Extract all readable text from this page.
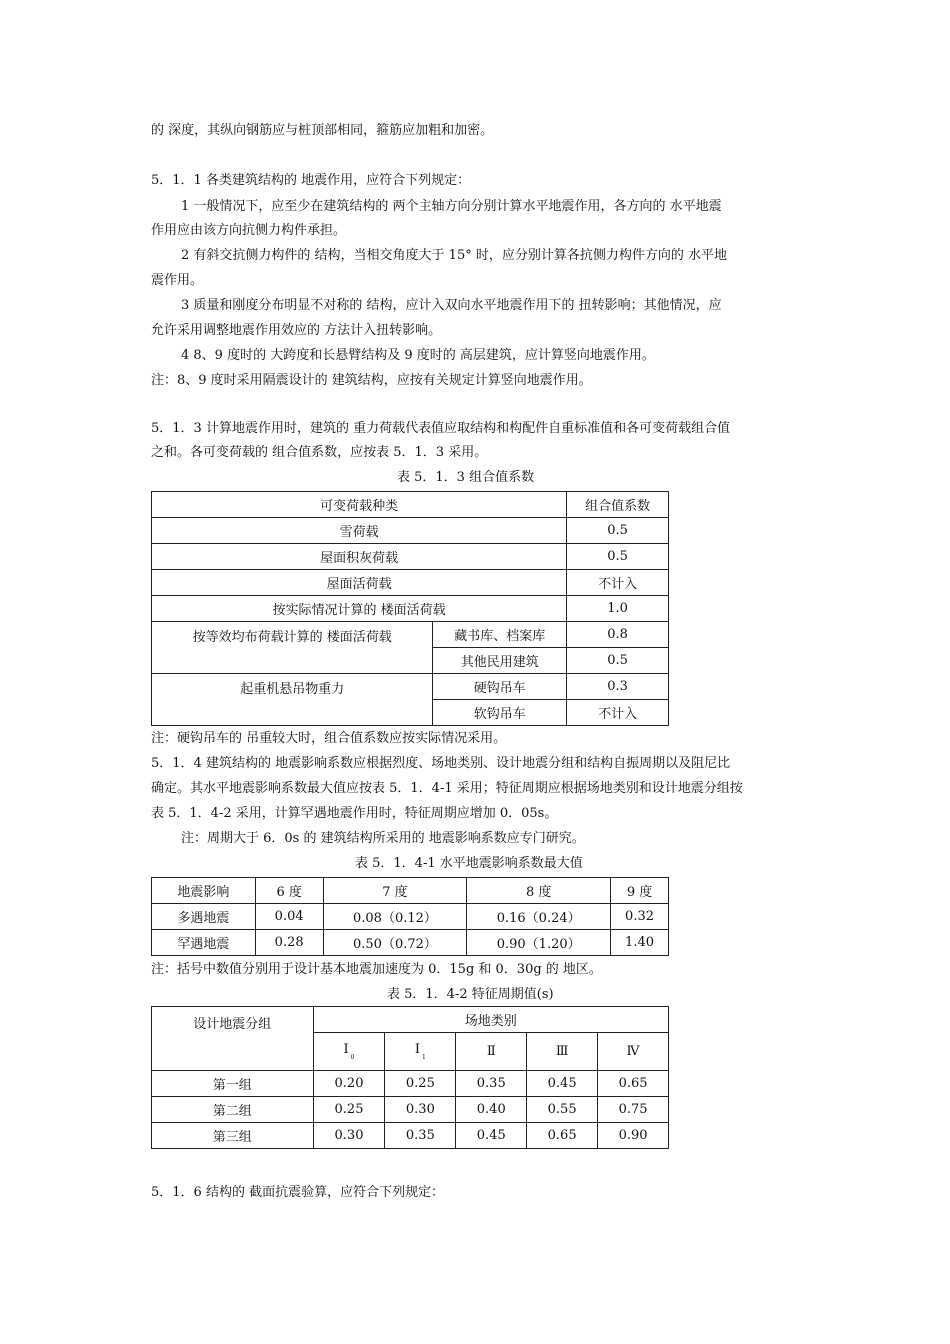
的 深度，其纵向钢筋应与桩顶部相同，箍筋应加粗和加密。
5．1．1 各类建筑结构的 地震作用，应符合下列规定：
1 一般情况下，应至少在建筑结构的 两个主轴方向分别计算水平地震作用，各方向的 水平地震
作用应由该方向抗侧力构件承担。
2 有斜交抗侧力构件的 结构，当相交角度大于 15° 时，应分别计算各抗侧力构件方向的 水平地
震作用。
3 质量和刚度分布明显不对称的 结构，应计入双向水平地震作用下的 扭转影响；其他情况，应
允许采用调整地震作用效应的 方法计入扭转影响。
4 8、9 度时的 大跨度和长悬臂结构及 9 度时的 高层建筑，应计算竖向地震作用。
注：8、9 度时采用隔震设计的 建筑结构，应按有关规定计算竖向地震作用。
5．1．3 计算地震作用时，建筑的 重力荷载代表值应取结构和构配件自重标准值和各可变荷载组合值
之和。各可变荷载的 组合值系数，应按表 5．1．3 采用。
表 5．1．3 组合值系数
可变荷载种类		组合值系数
雪荷载		0.5
屋面积灰荷载		0.5
屋面活荷载		不计入
按实际情况计算的 楼面活荷载		1.0
按等效均布荷载计算的 楼面活荷载	藏书库、档案库	0.8
	其他民用建筑	0.5
起重机悬吊物重力	硬钩吊车	0.3
	软钩吊车	不计入
注：硬钩吊车的 吊重较大时，组合值系数应按实际情况采用。
5．1．4 建筑结构的 地震影响系数应根据烈度、场地类别、设计地震分组和结构自振周期以及阻尼比
确定。其水平地震影响系数最大值应按表 5．1．4-1 采用；特征周期应根据场地类别和设计地震分组按
表 5．1．4-2 采用，计算罕遇地震作用时，特征周期应增加 0．05s。
注：周期大于 6．0s 的 建筑结构所采用的 地震影响系数应专门研究。
表 5．1．4-1 水平地震影响系数最大值
地震影响	6 度	7 度	8 度	9 度
多遇地震	0.04	0.08（0.12）	0.16（0.24）	0.32
罕遇地震	0.28	0.50（0.72）	0.90（1.20）	1.40
注：括号中数值分别用于设计基本地震加速度为 0．15g 和 0．30g 的 地区。
表 5．1．4-2 特征周期值(s)
设计地震分组	场地类别				
	$I_0$	$I_1$	Ⅱ	Ⅲ	Ⅳ
第一组	0.20	0.25	0.35	0.45	0.65
第二组	0.25	0.30	0.40	0.55	0.75
第三组	0.30	0.35	0.45	0.65	0.90
5．1．6 结构的 截面抗震验算，应符合下列规定：
